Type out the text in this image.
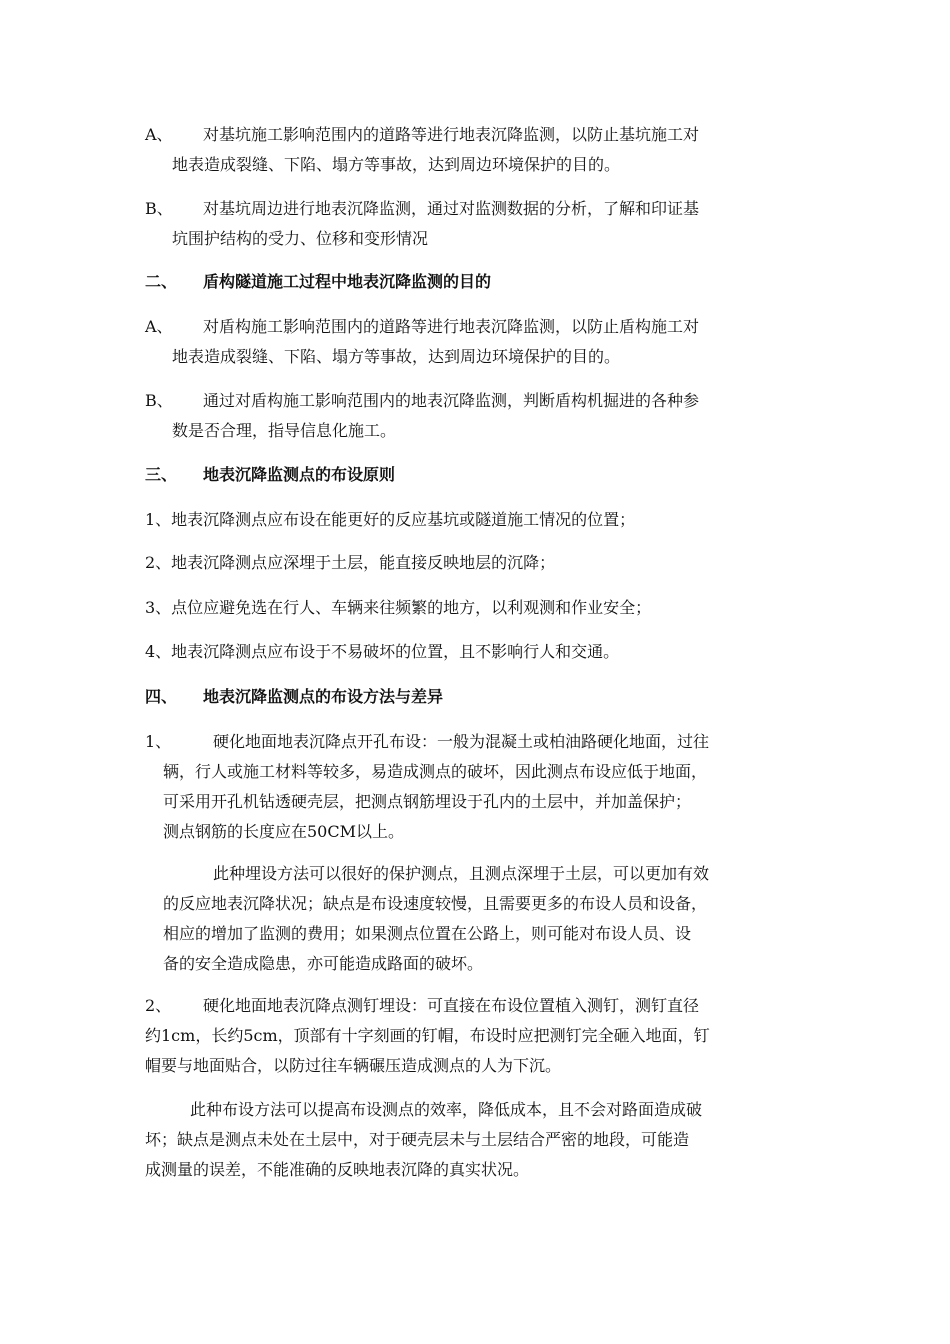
A、 对基坑施工影响范围内的道路等进行地表沉降监测，以防止基坑施工对
地表造成裂缝、下陷、塌方等事故，达到周边环境保护的目的。
B、 对基坑周边进行地表沉降监测，通过对监测数据的分析，了解和印证基
坑围护结构的受力、位移和变形情况
二、 盾构隧道施工过程中地表沉降监测的目的
A、 对盾构施工影响范围内的道路等进行地表沉降监测，以防止盾构施工对
地表造成裂缝、下陷、塌方等事故，达到周边环境保护的目的。
B、 通过对盾构施工影响范围内的地表沉降监测，判断盾构机掘进的各种参
数是否合理，指导信息化施工。
三、 地表沉降监测点的布设原则
1、地表沉降测点应布设在能更好的反应基坑或隧道施工情况的位置；
2、地表沉降测点应深埋于土层，能直接反映地层的沉降；
3、点位应避免选在行人、车辆来往频繁的地方，以利观测和作业安全；
4、地表沉降测点应布设于不易破坏的位置，且不影响行人和交通。
四、 地表沉降监测点的布设方法与差异
1、	硬化地面地表沉降点开孔布设：一般为混凝土或柏油路硬化地面，过往
辆，行人或施工材料等较多，易造成测点的破坏，因此测点布设应低于地面，
可采用开孔机钻透硬壳层，把测点钢筋埋设于孔内的土层中，并加盖保护；
测点钢筋的长度应在50CM以上。
此种埋设方法可以很好的保护测点，且测点深埋于土层，可以更加有效
的反应地表沉降状况；缺点是布设速度较慢，且需要更多的布设人员和设备，
相应的增加了监测的费用；如果测点位置在公路上，则可能对布设人员、设
备的安全造成隐患，亦可能造成路面的破坏。
2、 硬化地面地表沉降点测钉埋设：可直接在布设位置植入测钉，测钉直径
约1cm，长约5cm，顶部有十字刻画的钉帽，布设时应把测钉完全砸入地面，钉
帽要与地面贴合，以防过往车辆碾压造成测点的人为下沉。
此种布设方法可以提高布设测点的效率，降低成本，且不会对路面造成破
坏；缺点是测点未处在土层中，对于硬壳层未与土层结合严密的地段，可能造
成测量的误差，不能准确的反映地表沉降的真实状况。
